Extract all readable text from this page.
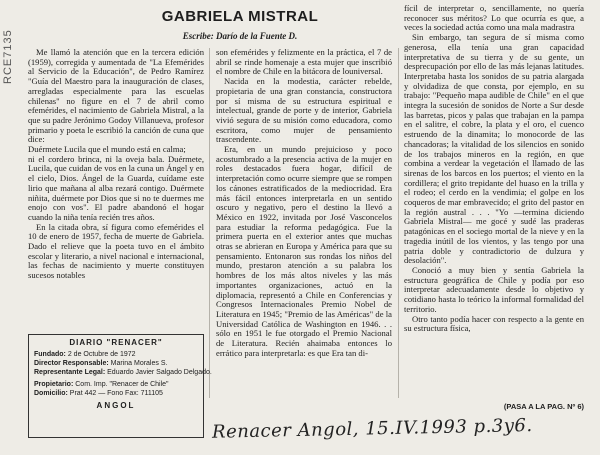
RCE7135
GABRIELA MISTRAL
Escribe: Darío de la Fuente D.

Me llamó la atención que en la tercera edición (1959), corregida y aumentada de "La Efemérides al Servicio de la Educación", de Pedro Ramírez "Guía del Maestro para la inauguración de clases, arregladas especialmente para las escuelas chilenas" no figure en el 7 de abril como efemérides, el nacimiento de Gabriela Mistral, a la que su padre Jerónimo Godoy Villanueva, profesor primario y poeta le escribió la canción de cuna que dice:

Duérmete Lucila que el mundo está en calma;

ni el cordero brinca, ni la oveja bala. Duérmete, Lucila, que cuidan de vos en la cuna un Ángel y en el cielo, Dios. Ángel de la Guarda, cuídame este lirio que mañana al alba rezará contigo. Duérmete niñita, duérmete por Dios que si no te duermes me enojo con vos". El padre abandonó el hogar cuando la niña tenía recién tres años.

En la citada obra, sí figura como efemérides el 10 de enero de 1957, fecha de muerte de Gabriela. Dado el relieve que la poeta tuvo en el ámbito escolar y literario, a nivel nacional e internacional, las fechas de nacimiento y muerte constituyen sucesos notables

son efemérides y felizmente en la práctica, el 7 de abril se rinde homenaje a esta mujer que inscribió el nombre de Chile en la bitácora de louniversal.

Nacida en la modestia, carácter rebelde, propietaria de una gran constancia, constructora por sí misma de su estructura espiritual e intelectual, grande de porte y de interior, Gabriela vivió segura de su misión como educadora, como escritora, como mujer de pensamiento trascendente.

Era, en un mundo prejuicioso y poco acostumbrado a la presencia activa de la mujer en roles destacados fuera hogar, difícil de interpretación como ocurre siempre que se rompen los cánones estratificados de la mediocridad. Era más fácil entonces interpretarla en un sentido oscuro y negativo, pero el destino la llevó a México en 1922, invitada por José Vasconcelos para estudiar la reforma pedagógica. Fue la primera puerta en el exterior antes que muchas otras se abrieran en Europa y América para que su pensamiento. Entonaron sus rondas los niños del mundo, prestaron atención a su palabra los hombres de los más altos niveles y las más importantes organizaciones, actuó en la diplomacia, representó a Chile en Conferencias y Congresos Internacionales Premio Nobel de Literatura en 1945; "Premio de las Américas" de la Universidad Católica de Washington en 1946. . . sólo en 1951 le fue otorgado el Premio Nacional de Literatura. Recién ahaimaba entonces lo errático para interpretarla: es que Era tan di-

fícil de interpretar o, sencillamente, no quería reconocer sus méritos? Lo que ocurría es que, a veces la sociedad actúa como una mala madrastra

Sin embargo, tan segura de sí misma como generosa, ella tenía una gran capacidad interpretativa de su tierra y de su gente, un desprecupación por ello de las más lejanas latitudes. Interpretaba hasta los sonidos de su patria alargada y olvidadiza de que consta, por ejemplo, en su trabajo: "Pequeño mapa audible de Chile" en el que integra la sucesión de sonidos de Norte a Sur desde las barretas, picos y palas que trabajan en la pampa en el salitre, el cobre, la plata y el oro, el cuenco estruendo de la dinamita; lo monocorde de las chancadoras; la vitalidad de los silencios en sonido de los trabajos mineros en la región, en que combina a verdear la vegetación el llamado de las sirenas de los barcos en los puertos; el viento en la cordillera; el grito trepidante del huaso en la trilla y el rodeo; el cerdo en la vendimia; el golpe en los coqueros de mar embravecido; el grito del pastor en la región austral . . . "Yo —termina diciendo Gabriela Mistral— me gocé y sudé las praderas patagónicas en el sociego mortal de la nieve y en la tragedia inútil de los vientos, y las tengo por una patria doble y contradictorio de dulzura y desolación".

Conoció a muy bien y sentía Gabriela la estructura geográfica de Chile y podía por eso interpretar adecuadamente desde lo objetivo y cotidiano hasta lo teórico la informal formalidad del territorio.

Otro tanto podía hacer con respecto a la gente en su estructura física,

(PASA A LA PAG. Nº 6)
DIARIO "RENACER"
Fundado: 2 de Octubre de 1972
Director Responsable: Marina Morales S.
Representante Legal: Eduardo Javier Salgado Delgado.
Propietario: Com. Imp. "Renacer de Chile"
Domicilio: Prat 442 — Fono Fax: 711105
ANGOL
Renacer Angol, 15.IV.1993 p.3y6.
